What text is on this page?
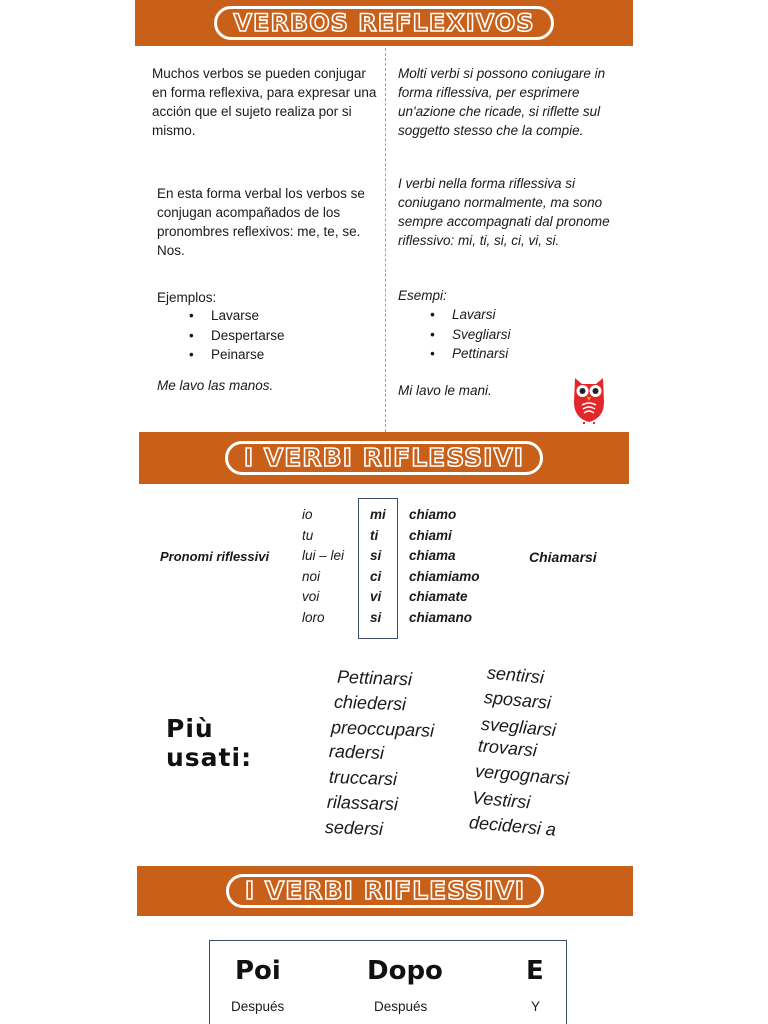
VERBOS REFLEXIVOS
Muchos verbos se pueden conjugar en forma reflexiva, para expresar una acción que el sujeto realiza por si mismo.
En esta forma verbal los verbos se conjugan acompañados de los pronombres reflexivos: me, te, se. Nos.
Ejemplos:
• Lavarse
• Despertarse
• Peinarse
Me lavo las manos.
Molti verbi si possono coniugare in forma riflessiva, per esprimere un'azione che ricade, si riflette sul soggetto stesso che la compie.
I verbi nella forma riflessiva si coniugano normalmente, ma sono sempre accompagnati dal pronome riflessivo: mi, ti, si, ci, vi, si.
Esempi:
• Lavarsi
• Svegliarsi
• Pettinarsi
Mi lavo le mani.
I VERBI RIFLESSIVI
Pronomi riflessivi
io
tu
lui – lei
noi
voi
loro
mi
ti
si
ci
vi
si
chiamo
chiami
chiama
chiamiamo
chiamate
chiamano
Chiamarsi
Più
usati:
Pettinarsi
chiedersi
preoccuparsi
radersi
truccarsi
rilassarsi
sedersi
sentirsi
sposarsi
svegliarsi
trovarsi
vergognarsi
Vestirsi
decidersi a
I VERBI RIFLESSIVI
Poi
Después
Dopo
Después
E
Y
